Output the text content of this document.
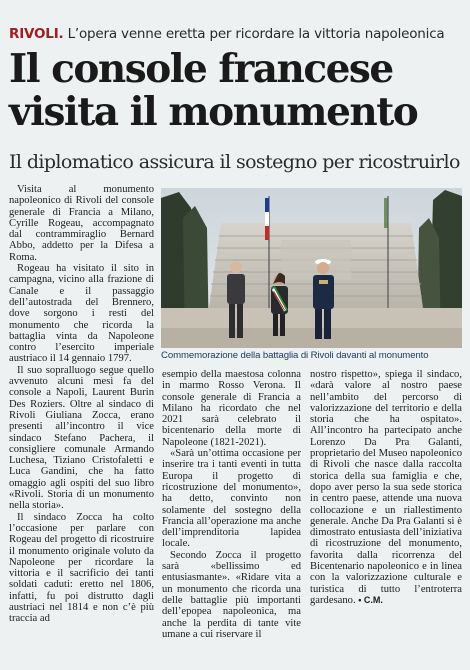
RIVOLI. L’opera venne eretta per ricordare la vittoria napoleonica
Il console francese
visita il monumento
Il diplomatico assicura il sostegno per ricostruirlo

Visita al monumento napoleonico di Rivoli del console generale di Francia a Milano, Cyrille Rogeau, accompagnato dal contrammiraglio Bernard Abbo, addetto per la Difesa a Roma.

Rogeau ha visitato il sito in campagna, vicino alla frazione di Canale e il passaggio dell’autostrada del Brennero, dove sorgono i resti del monumento che ricorda la battaglia vinta da Napoleone contro l’esercito imperiale austriaco il 14 gennaio 1797.

Il suo sopralluogo segue quello avvenuto alcuni mesi fa del console a Napoli, Laurent Burin Des Roziers. Oltre al sindaco di Rivoli Giuliana Zocca, erano presenti all’incontro il vice sindaco Stefano Pachera, il consigliere comunale Armando Luchesa, Tiziano Cristofaletti e Luca Gandini, che ha fatto omaggio agli ospiti del suo libro «Rivoli. Storia di un monumento nella storia».

Il sindaco Zocca ha colto l’occasione per parlare con Rogeau del progetto di ricostruire il monumento originale voluto da Napoleone per ricordare la vittoria e il sacrificio dei tanti soldati caduti: eretto nel 1806, infatti, fu poi distrutto dagli austriaci nel 1814 e non c’è più traccia ad

Commemorazione della battaglia di Rivoli davanti al monumento

esempio della maestosa colonna in marmo Rosso Verona. Il console generale di Francia a Milano ha ricordato che nel 2021 sarà celebrato il bicentenario della morte di Napoleone (1821-2021).

«Sarà un’ottima occasione per inserire tra i tanti eventi in tutta Europa il progetto di ricostruzione del monumento», ha detto, convinto non solamente del sostegno della Francia all’operazione ma anche dell’imprenditoria lapidea locale.

Secondo Zocca il progetto sarà «bellissimo ed entusiasmante». «Ridare vita a un monumento che ricorda una delle battaglie più importanti dell’epopea napoleonica, ma anche la perdita di tante vite umane a cui riservare il

nostro rispetto», spiega il sindaco, «darà valore al nostro paese nell’ambito del percorso di valorizzazione del territorio e della storia che ha ospitato». All’incontro ha partecipato anche Lorenzo Da Pra Galanti, proprietario del Museo napoleonico di Rivoli che nasce dalla raccolta storica della sua famiglia e che, dopo aver perso la sua sede storica in centro paese, attende una nuova collocazione e un riallestimento generale. Anche Da Pra Galanti si è dimostrato entusiasta dell’iniziativa di ricostruzione del monumento, favorita dalla ricorrenza del Bicentenario napoleonico e in linea con la valorizzazione culturale e turistica di tutto l’entroterra gardesano. • C.M.
